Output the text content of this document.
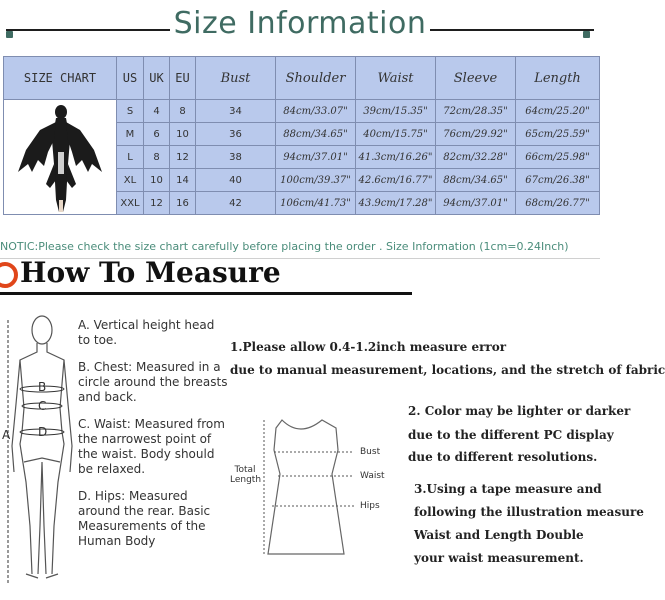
Size Information
SIZE CHART	US	UK	EU	Bust	Shoulder	Waist	Sleeve	Length	
	S	4	8	34	84cm/33.07"	39cm/15.35"	72cm/28.35"	64cm/25.20"	
	M	6	10	36	88cm/34.65"	40cm/15.75"	76cm/29.92"	65cm/25.59"	
	L	8	12	38	94cm/37.01"	41.3cm/16.26"	82cm/32.28"	66cm/25.98"	
	XL	10	14	40	100cm/39.37"	42.6cm/16.77"	88cm/34.65"	67cm/26.38"	
	XXL	12	16	42	106cm/41.73"	43.9cm/17.28"	94cm/37.01"	68cm/26.77"	
NOTIC:Please check the size chart carefully before placing the order . Size Information (1cm=0.24Inch)
How To Measure
A
B
C
D
A. Vertical height head to toe.
B. Chest: Measured in a circle around the breasts and back.
C. Waist: Measured from the narrowest point of the waist. Body should be relaxed.
D. Hips: Measured around the rear. Basic Measurements of the Human Body
1.Please allow 0.4-1.2inch measure error
due to manual measurement, locations, and the stretch of fabric
2. Color may be lighter or darker
due to the different PC display
due to different resolutions.
3.Using a tape measure and
following the illustration measure
Waist and Length Double
your waist measurement.
Bust
Waist
Hips
Total Length
